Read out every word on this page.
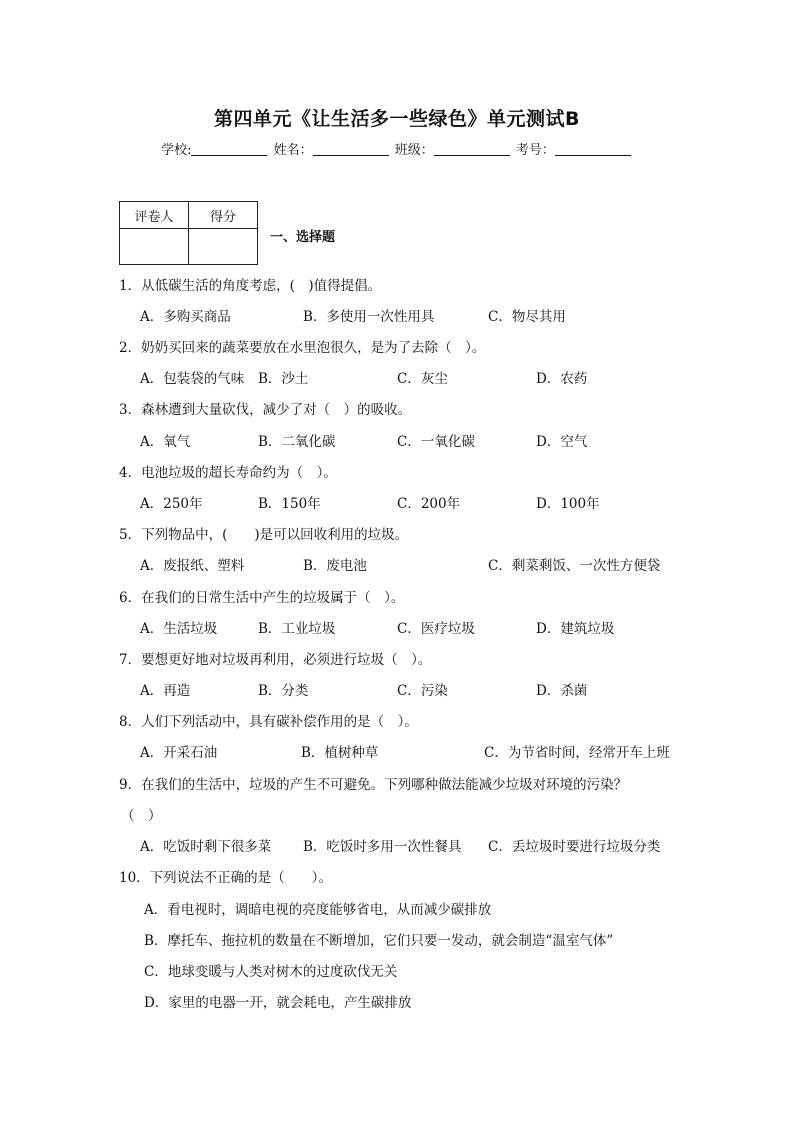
第四单元《让生活多一些绿色》单元测试B
学校:	姓名：	班级：	考号：
评卷人	得分

一、选择题
1．从低碳生活的角度考虑，(　)值得提倡。
A．多购买商品	B．多使用一次性用具	C．物尽其用
2．奶奶买回来的蔬菜要放在水里泡很久，是为了去除（　）。
A．包装袋的气味 B．沙土	C．灰尘	D．农药
3．森林遭到大量砍伐，减少了对（　）的吸收。
A．氧气	B．二氧化碳	C．一氧化碳	D．空气
4．电池垃圾的超长寿命约为（　）。
A．250年	B．150年	C．200年	D．100年
5．下列物品中，(　　)是可以回收利用的垃圾。
A．废报纸、塑料	B．废电池	C．剩菜剩饭、一次性方便袋
6．在我们的日常生活中产生的垃圾属于（　）。
A．生活垃圾	B．工业垃圾	C．医疗垃圾	D．建筑垃圾
7．要想更好地对垃圾再利用，必须进行垃圾（　）。
A．再造	B．分类	C．污染	D．杀菌
8．人们下列活动中，具有碳补偿作用的是（　）。
A．开采石油	B．植树种草	C．为节省时间，经常开车上班
9．在我们的生活中，垃圾的产生不可避免。下列哪种做法能减少垃圾对环境的污染？
（　）
A．吃饭时剩下很多菜 B．吃饭时多用一次性餐具 C．丢垃圾时要进行垃圾分类
10．下列说法不正确的是（　　）。
A．看电视时，调暗电视的亮度能够省电，从而减少碳排放
B．摩托车、拖拉机的数量在不断增加，它们只要一发动，就会制造“温室气体”
C．地球变暖与人类对树木的过度砍伐无关
D．家里的电器一开，就会耗电，产生碳排放
